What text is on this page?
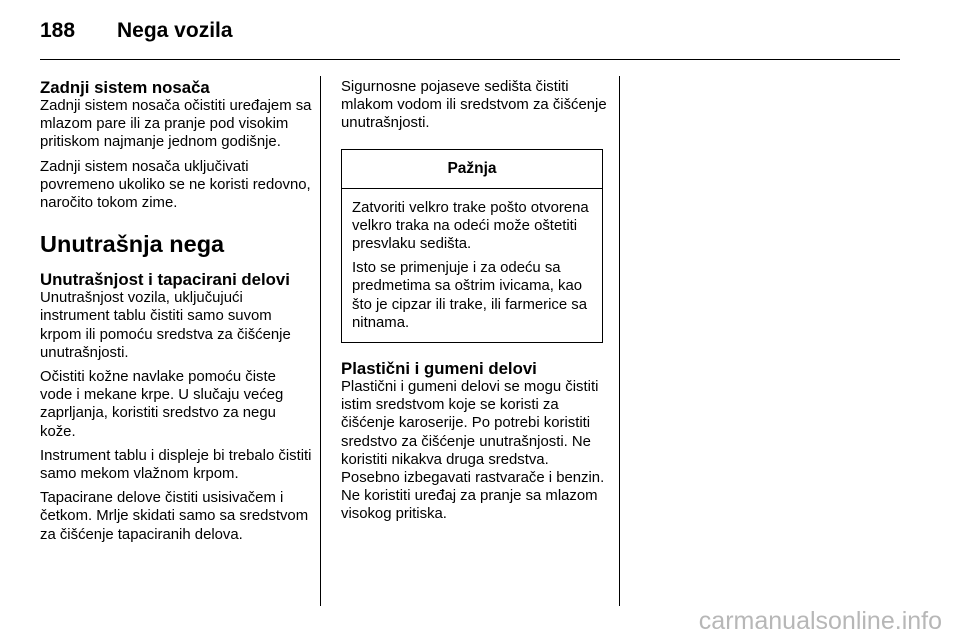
188 Nega vozila
Zadnji sistem nosača

Zadnji sistem nosača očistiti uređajem sa mlazom pare ili za pranje pod visokim pritiskom najmanje jednom godišnje.

Zadnji sistem nosača uključivati povremeno ukoliko se ne koristi redovno, naročito tokom zime.

Unutrašnja nega
Unutrašnjost i tapacirani delovi

Unutrašnjost vozila, uključujući instrument tablu čistiti samo suvom krpom ili pomoću sredstva za čišćenje unutrašnjosti.

Očistiti kožne navlake pomoću čiste vode i mekane krpe. U slučaju većeg zaprljanja, koristiti sredstvo za negu kože.

Instrument tablu i displeje bi trebalo čistiti samo mekom vlažnom krpom.

Tapacirane delove čistiti usisivačem i četkom. Mrlje skidati samo sa sredstvom za čišćenje tapaciranih delova.

Sigurnosne pojaseve sedišta čistiti mlakom vodom ili sredstvom za čišćenje unutrašnjosti.

Pažnja

Zatvoriti velkro trake pošto otvorena velkro traka na odeći može oštetiti presvlaku sedišta.

Isto se primenjuje i za odeću sa predmetima sa oštrim ivicama, kao što je cipzar ili trake, ili farmerice sa nitnama.

Plastični i gumeni delovi

Plastični i gumeni delovi se mogu čistiti istim sredstvom koje se koristi za čišćenje karoserije. Po potrebi koristiti sredstvo za čišćenje unutrašnjosti. Ne koristiti nikakva druga sredstva. Posebno izbegavati rastvarače i benzin. Ne koristiti uređaj za pranje sa mlazom visokog pritiska.

carmanualsonline.info
